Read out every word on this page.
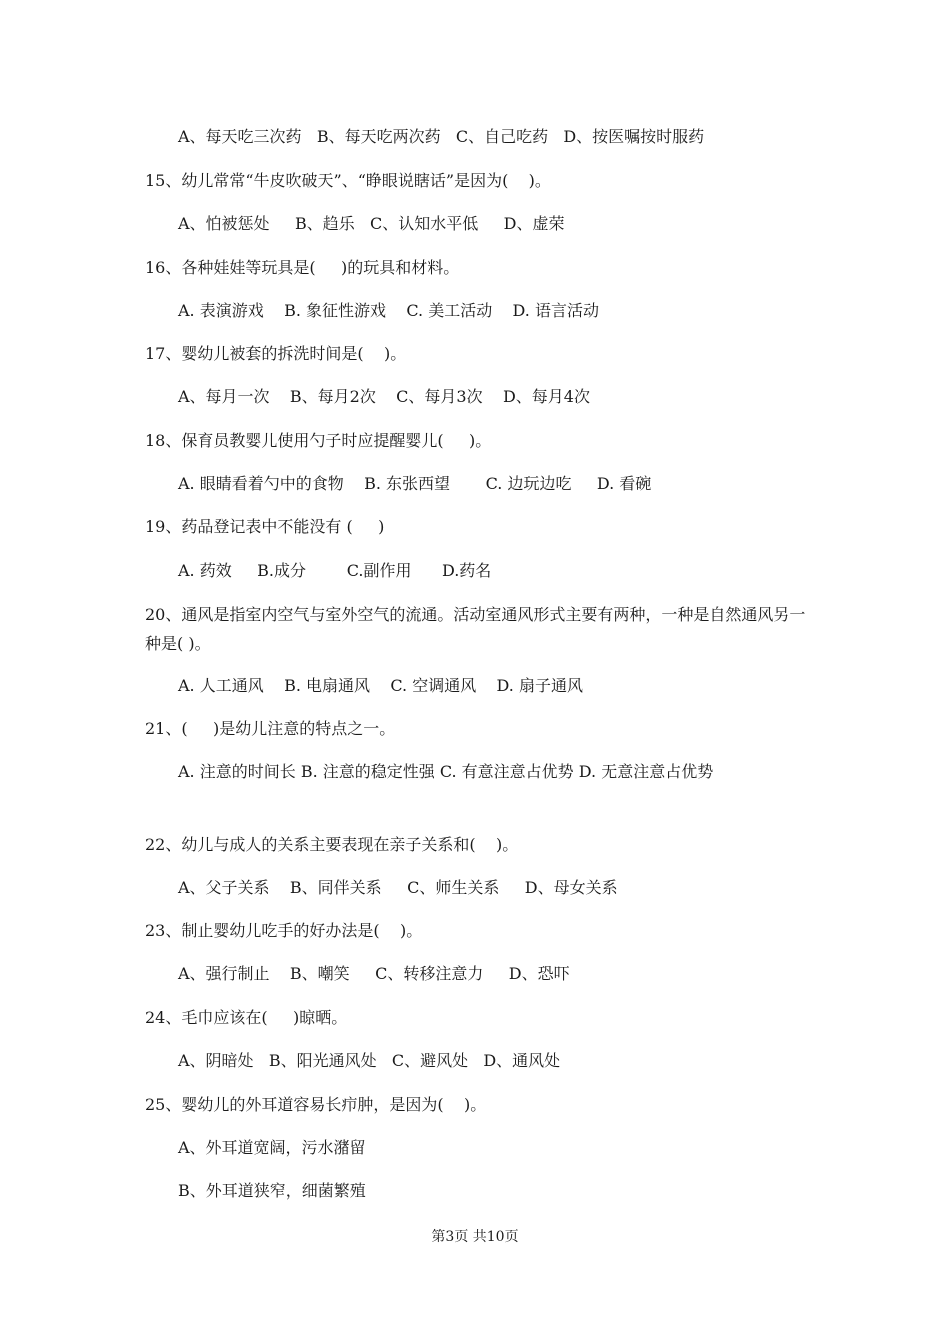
A、每天吃三次药   B、每天吃两次药   C、自己吃药   D、按医嘱按时服药
15、幼儿常常“牛皮吹破天”、“睁眼说瞎话”是因为(    )。
A、怕被惩处     B、趋乐   C、认知水平低     D、虚荣
16、各种娃娃等玩具是(     )的玩具和材料。
A. 表演游戏    B. 象征性游戏    C. 美工活动    D. 语言活动
17、婴幼儿被套的拆洗时间是(    )。
A、每月一次    B、每月2次    C、每月3次    D、每月4次
18、保育员教婴儿使用勺子时应提醒婴儿(     )。
A. 眼睛看着勺中的食物    B. 东张西望       C. 边玩边吃     D. 看碗
19、药品登记表中不能没有 (     )
A. 药效     B.成分        C.副作用      D.药名
20、通风是指室内空气与室外空气的流通。活动室通风形式主要有两种，一种是自然通风另一种是( )。
A. 人工通风    B. 电扇通风    C. 空调通风    D. 扇子通风
21、(     )是幼儿注意的特点之一。
A. 注意的时间长 B. 注意的稳定性强 C. 有意注意占优势 D. 无意注意占优势
22、幼儿与成人的关系主要表现在亲子关系和(    )。
A、父子关系    B、同伴关系     C、师生关系     D、母女关系
23、制止婴幼儿吃手的好办法是(    )。
A、强行制止    B、嘲笑     C、转移注意力     D、恐吓
24、毛巾应该在(     )晾晒。
A、阴暗处   B、阳光通风处   C、避风处   D、通风处
25、婴幼儿的外耳道容易长疖肿，是因为(    )。
A、外耳道宽阔，污水潴留
B、外耳道狭窄，细菌繁殖
第3页 共10页
